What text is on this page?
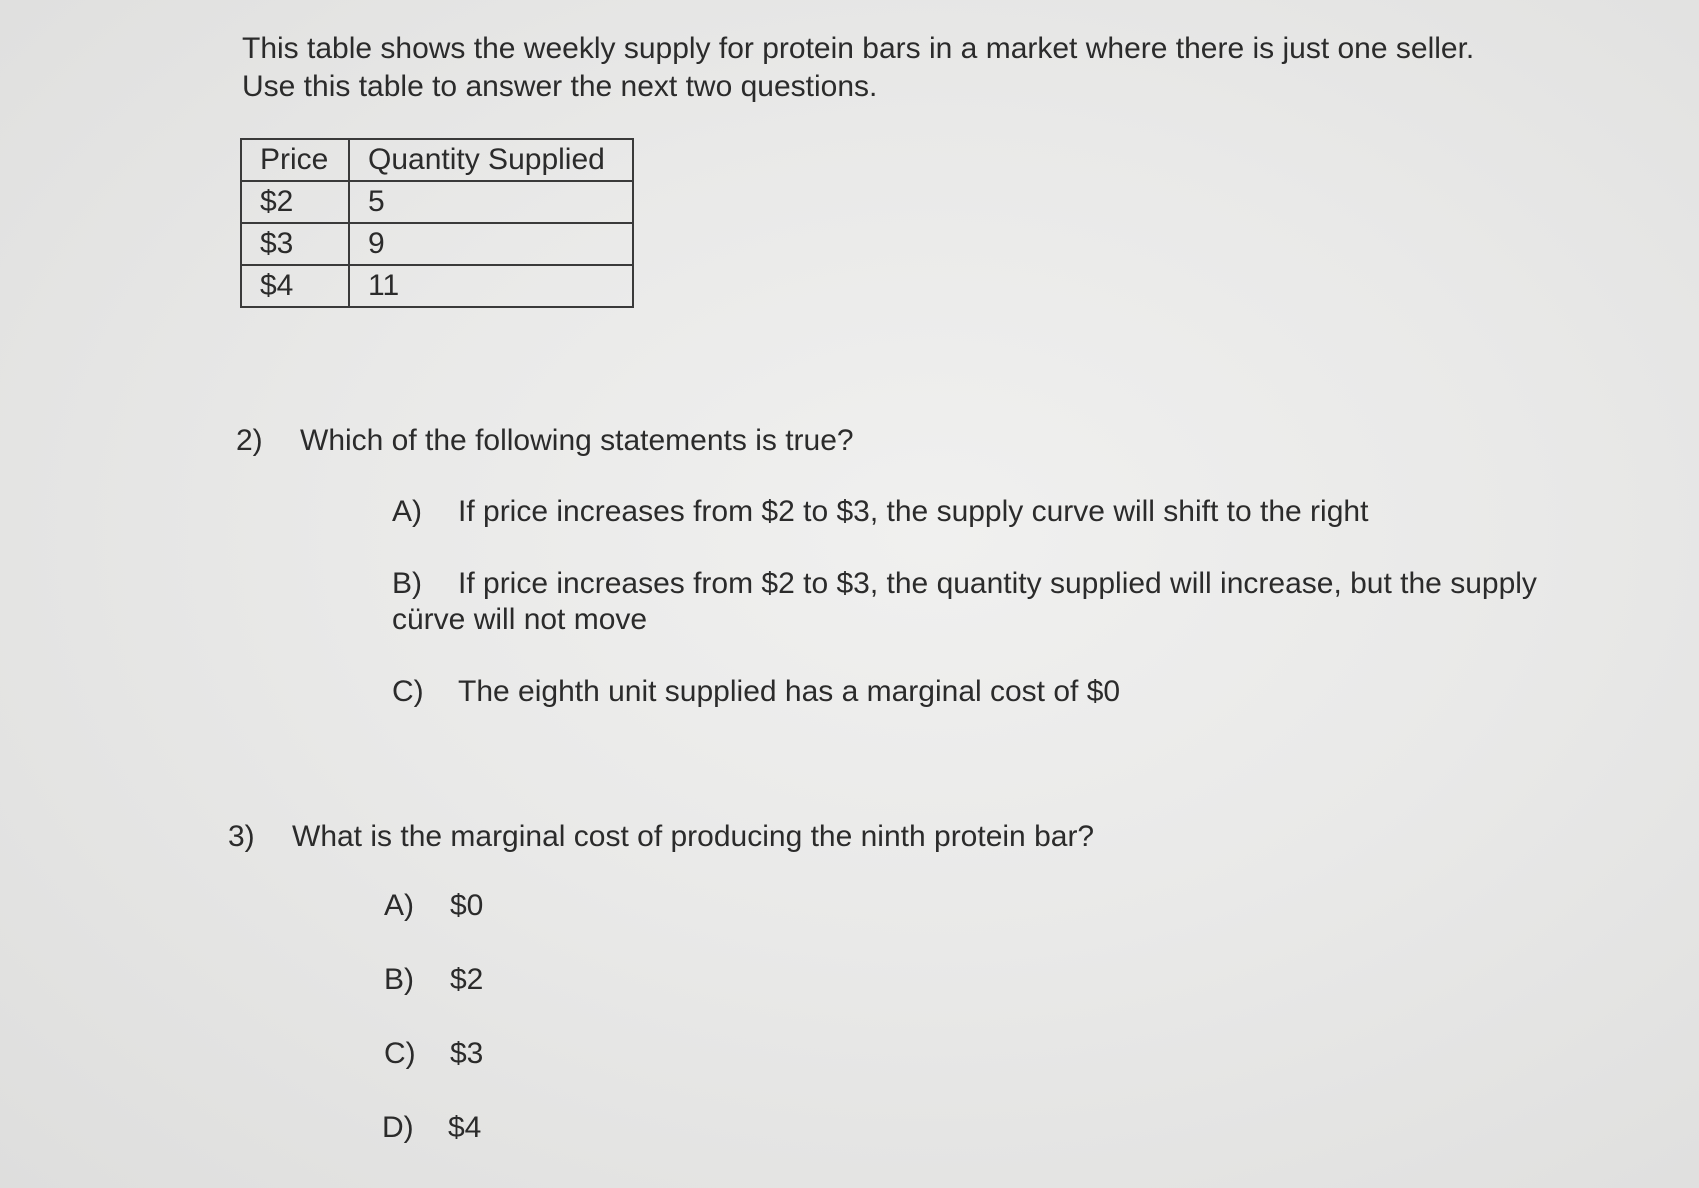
This table shows the weekly supply for protein bars in a market where there is just one seller.

Use this table to answer the next two questions.

Price	Quantity Supplied
$2	5
$3	9
$4	11
2) Which of the following statements is true?
A) If price increases from $2 to $3, the supply curve will shift to the right
B) If price increases from $2 to $3, the quantity supplied will increase, but the supply cürve will not move
C) The eighth unit supplied has a marginal cost of $0
3) What is the marginal cost of producing the ninth protein bar?
A) $0
B) $2
C) $3
D) $4
